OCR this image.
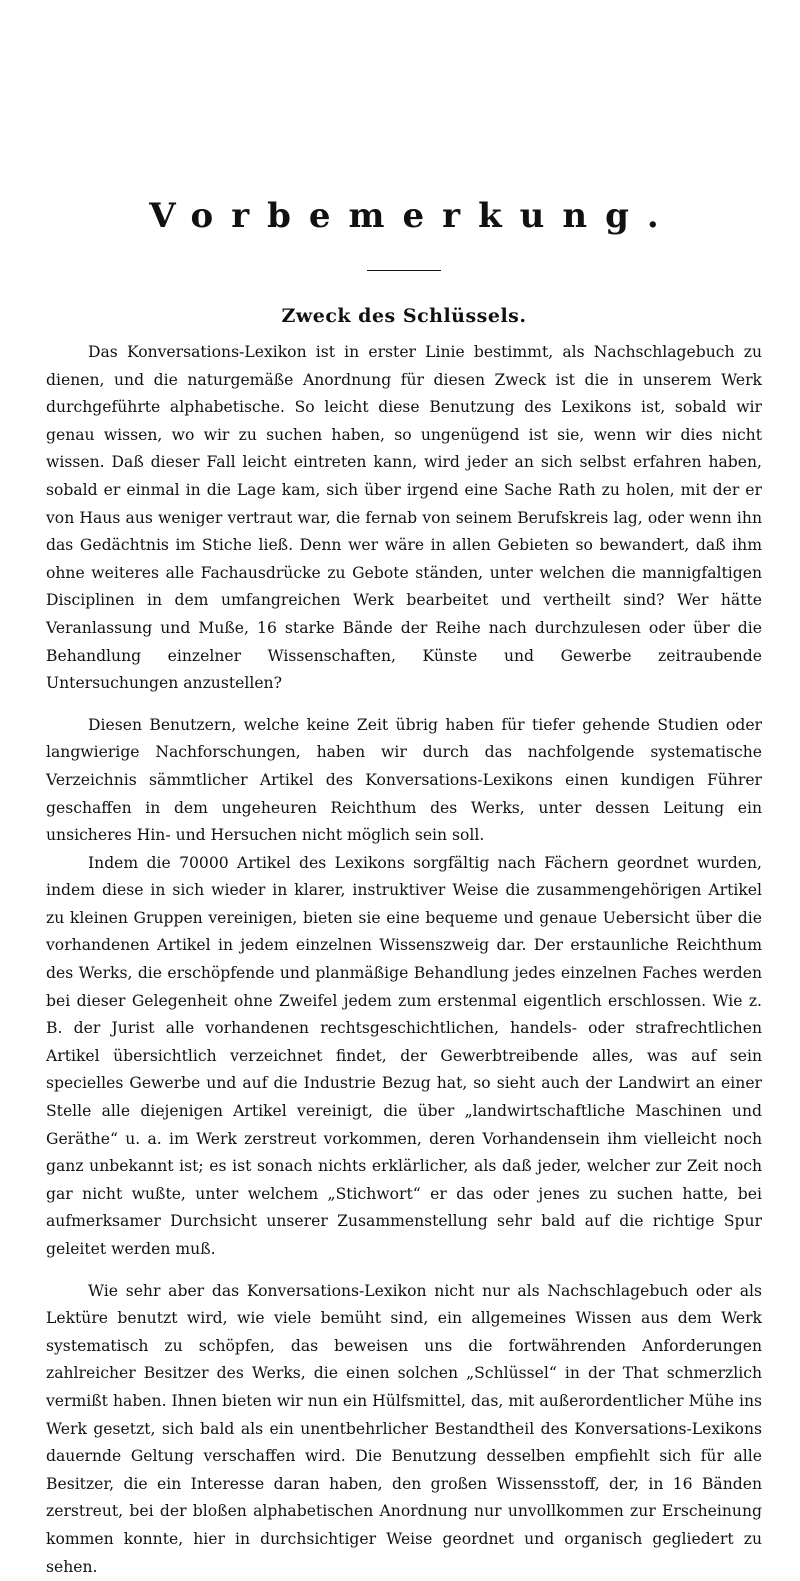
Vorbemerkung.
Zweck des Schlüssels.

Das Konversations-Lexikon ist in erster Linie bestimmt, als Nachschlagebuch zu dienen, und die naturgemäße Anordnung für diesen Zweck ist die in unserem Werk durchgeführte alphabetische. So leicht diese Benutzung des Lexikons ist, sobald wir genau wissen, wo wir zu suchen haben, so ungenügend ist sie, wenn wir dies nicht wissen. Daß dieser Fall leicht eintreten kann, wird jeder an sich selbst erfahren haben, sobald er einmal in die Lage kam, sich über irgend eine Sache Rath zu holen, mit der er von Haus aus weniger vertraut war, die fernab von seinem Berufskreis lag, oder wenn ihn das Gedächtnis im Stiche ließ. Denn wer wäre in allen Gebieten so bewandert, daß ihm ohne weiteres alle Fachausdrücke zu Gebote ständen, unter welchen die mannigfaltigen Disciplinen in dem umfangreichen Werk bearbeitet und vertheilt sind? Wer hätte Veranlassung und Muße, 16 starke Bände der Reihe nach durchzulesen oder über die Behandlung einzelner Wissenschaften, Künste und Gewerbe zeitraubende Untersuchungen anzustellen?

Diesen Benutzern, welche keine Zeit übrig haben für tiefer gehende Studien oder langwierige Nachforschungen, haben wir durch das nachfolgende systematische Verzeichnis sämmtlicher Artikel des Konversations-Lexikons einen kundigen Führer geschaffen in dem ungeheuren Reichthum des Werks, unter dessen Leitung ein unsicheres Hin- und Hersuchen nicht möglich sein soll.

Indem die 70000 Artikel des Lexikons sorgfältig nach Fächern geordnet wurden, indem diese in sich wieder in klarer, instruktiver Weise die zusammengehörigen Artikel zu kleinen Gruppen vereinigen, bieten sie eine bequeme und genaue Uebersicht über die vorhandenen Artikel in jedem einzelnen Wissenszweig dar. Der erstaunliche Reichthum des Werks, die erschöpfende und planmäßige Behandlung jedes einzelnen Faches werden bei dieser Gelegenheit ohne Zweifel jedem zum erstenmal eigentlich erschlossen. Wie z. B. der Jurist alle vorhandenen rechtsgeschichtlichen, handels- oder strafrechtlichen Artikel übersichtlich verzeichnet findet, der Gewerbtreibende alles, was auf sein specielles Gewerbe und auf die Industrie Bezug hat, so sieht auch der Landwirt an einer Stelle alle diejenigen Artikel vereinigt, die über „landwirtschaftliche Maschinen und Geräthe“ u. a. im Werk zerstreut vorkommen, deren Vorhandensein ihm vielleicht noch ganz unbekannt ist; es ist sonach nichts erklärlicher, als daß jeder, welcher zur Zeit noch gar nicht wußte, unter welchem „Stichwort“ er das oder jenes zu suchen hatte, bei aufmerksamer Durchsicht unserer Zusammenstellung sehr bald auf die richtige Spur geleitet werden muß.

Wie sehr aber das Konversations-Lexikon nicht nur als Nachschlagebuch oder als Lektüre benutzt wird, wie viele bemüht sind, ein allgemeines Wissen aus dem Werk systematisch zu schöpfen, das beweisen uns die fortwährenden Anforderungen zahlreicher Besitzer des Werks, die einen solchen „Schlüssel“ in der That schmerzlich vermißt haben. Ihnen bieten wir nun ein Hülfsmittel, das, mit außerordentlicher Mühe ins Werk gesetzt, sich bald als ein unentbehrlicher Bestandtheil des Konversations-Lexikons dauernde Geltung verschaffen wird. Die Benutzung desselben empfiehlt sich für alle Besitzer, die ein Interesse daran haben, den großen Wissensstoff, der, in 16 Bänden zerstreut, bei der bloßen alphabetischen Anordnung nur unvollkommen zur Erscheinung kommen konnte, hier in durchsichtiger Weise geordnet und organisch gegliedert zu sehen.
